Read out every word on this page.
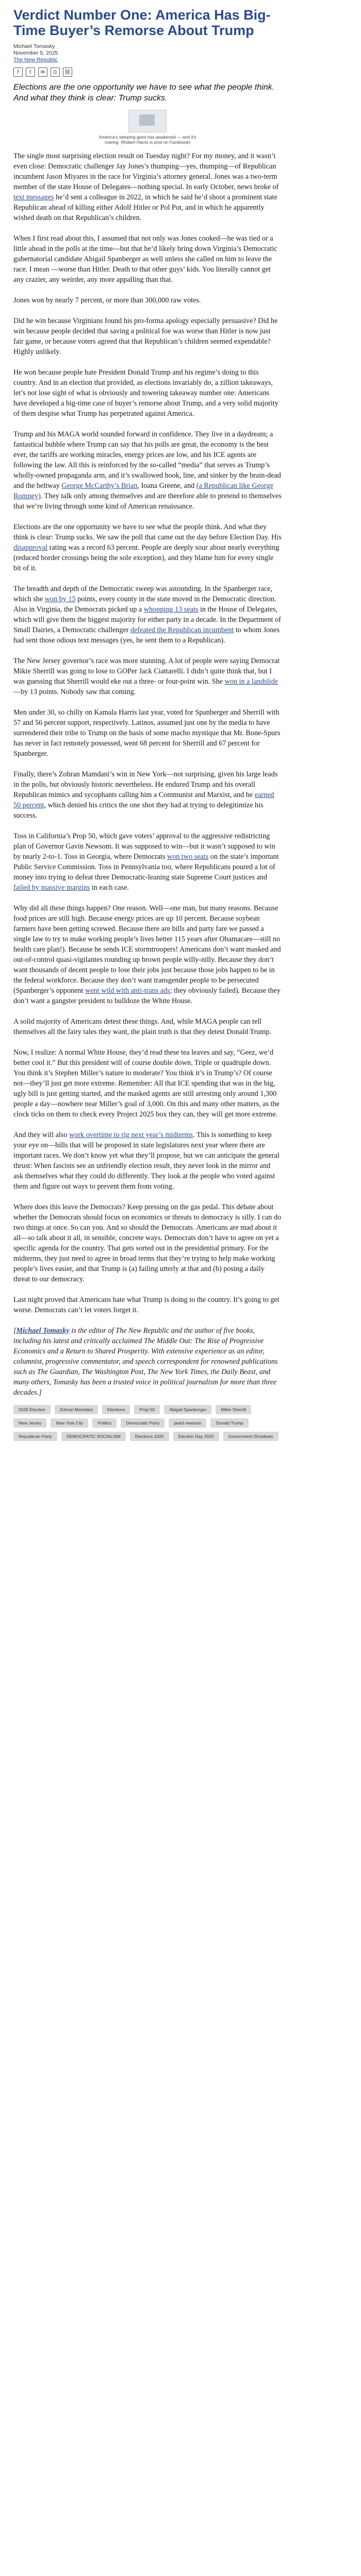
Verdict Number One: America Has Big-Time Buyer’s Remorse About Trump
Michael Tomasky
November 5, 2025
The New Republic
f	t	✉	⎙	⛓

Elections are the one opportunity we have to see what the people think. And what they think is clear: Trump sucks.

America's sleeping giant has awakened — and it's roaring. (Robert Harris is post on Facebook)

The single most surprising election result on Tuesday night? For my money, and it wasn’t even close: Democratic challenger Jay Jones’s thumping—yes, thumping—of Republican incumbent Jason Miyares in the race for Virginia’s attorney general. Jones was a two-term member of the state House of Delegates—nothing special. In early October, news broke of text messages he’d sent a colleague in 2022, in which he said he’d shoot a prominent state Republican ahead of killing either Adolf Hitler or Pol Pot, and in which he apparently wished death on that Republican’s children.

When I first read about this, I assumed that not only was Jones cooked—he was tied or a little ahead in the polls at the time—but that he’d likely bring down Virginia’s Democratic gubernatorial candidate Abigail Spanberger as well unless she called on him to leave the race. I mean —worse than Hitler. Death to that other guys’ kids. You literally cannot get any crazier, any weirder, any more appalling than that.

Jones won by nearly 7 percent, or more than 300,000 raw votes.

Did he win because Virginians found his pro-forma apology especially persuasive? Did he win because people decided that saving a political foe was worse than Hitler is now just fair game, or because voters agreed that that Republican’s children seemed expendable? Highly unlikely.

He won because people hate President Donald Trump and his regime’s doing to this country. And in an election that provided, as elections invariably do, a zillion takeaways, let’s not lose sight of what is obviously and towering takeaway number one: Americans have developed a big-time case of buyer’s remorse about Trump, and a very solid majority of them despise what Trump has perpetrated against America.

Trump and his MAGA world sounded forward in confidence. They live in a daydream; a fantastical bubble where Trump can say that his polls are great, the economy is the best ever, the tariffs are working miracles, energy prices are low, and his ICE agents are following the law. All this is reinforced by the so-called “media” that serves as Trump’s wholly-owned propaganda arm, and it’s swallowed hook, line, and sinker by the brain-dead and the beltway George McCarthy’s Brian, Ioana Greene, and (a Republican like George Romney). They talk only among themselves and are therefore able to pretend to themselves that we’re living through some kind of American renaissance.

Elections are the one opportunity we have to see what the people think. And what they think is clear: Trump sucks. We saw the poll that came out the day before Election Day. His disapproval rating was a record 63 percent. People are deeply sour about nearly everything (reduced border crossings being the sole exception), and they blame him for every single bit of it.

The breadth and depth of the Democratic sweep was astounding. In the Spanberger race, which she won by 15 points, every county in the state moved in the Democratic direction. Also in Virginia, the Democrats picked up a whopping 13 seats in the House of Delegates, which will give them the biggest majority for either party in a decade. In the Department of Small Dairies, a Democratic challenger defeated the Republican incumbent to whom Jones had sent those odious text messages (yes, he sent them to a Republican).

The New Jersey governor’s race was more stunning. A lot of people were saying Democrat Mikie Sherrill was going to lose to GOPer Jack Ciattarelli. I didn’t quite think that, but I was guessing that Sherrill would eke out a three- or four-point win. She won in a landslide—by 13 points. Nobody saw that coming.

Men under 30, so chilly on Kamala Harris last year, voted for Spanberger and Sherrill with 57 and 56 percent support, respectively. Latinos, assumed just one by the media to have surrendered their tribe to Trump on the basis of some macho mystique that Mr. Bone-Spurs has never in fact remotely possessed, went 68 percent for Sherrill and 67 percent for Spanberger.

Finally, there’s Zohran Mamdani’s win in New York—not surprising, given his large leads in the polls, but obviously historic nevertheless. He endured Trump and his overall Republican mimics and sycophants calling him a Communist and Marxist, and he earned 50 percent, which denied his critics the one shot they had at trying to delegitimize his success.

Toss in California’s Prop 50, which gave voters’ approval to the aggressive redistricting plan of Governor Gavin Newsom. It was supposed to win—but it wasn’t supposed to win by nearly 2-to-1. Toss in Georgia, where Democrats won two seats on the state’s important Public Service Commission. Toss in Pennsylvania too, where Republicans poured a lot of money into trying to defeat three Democratic-leaning state Supreme Court justices and failed by massive margins in each case.

Why did all these things happen? One reason. Well—one man, but many reasons. Because food prices are still high. Because energy prices are up 10 percent. Because soybean farmers have been getting screwed. Because there are bills and party fare we passed a single law to try to make working people’s lives better 115 years after Obamacare—still no health care plan!). Because he sends ICE stormtroopers! Americans don’t want masked and out-of-control quasi-vigilantes rounding up brown people willy-nilly. Because they don’t want thousands of decent people to lose their jobs just because those jobs happen to be in the federal workforce. Because they don’t want transgender people to be persecuted (Spanberger’s opponent went wild with anti-trans ads; they obviously failed). Because they don’t want a gangster president to bulldoze the White House.

A solid majority of Americans detest these things. And, while MAGA people can tell themselves all the fairy tales they want, the plain truth is that they detest Donald Trump.

Now, I realize: A normal White House, they’d read these tea leaves and say, “Geez, we’d better cool it.” But this president will of course double down. Triple or quadruple down. You think it’s Stephen Miller’s nature to moderate? You think it’s in Trump’s? Of course not—they’ll just get more extreme. Remember: All that ICE spending that was in the big, ugly bill is just getting started, and the masked agents are still arresting only around 1,300 people a day—nowhere near Miller’s goal of 3,000. On this and many other matters, as the clock ticks on them to check every Project 2025 box they can, they will get more extreme.

And they will also work overtime to rig next year’s midterms. This is something to keep your eye on—bills that will be proposed in state legislatures next year where there are important races. We don’t know yet what they’ll propose, but we can anticipate the general thrust: When fascists see an unfriendly election result, they never look in the mirror and ask themselves what they could do differently. They look at the people who voted against them and figure out ways to prevent them from voting.

Where does this leave the Democrats? Keep pressing on the gas pedal. This debate about whether the Democrats should focus on economics or threats to democracy is silly. I can do two things at once. So can you. And so should the Democrats. Americans are mad about it all—so talk about it all, in sensible, concrete ways. Democrats don’t have to agree on yet a specific agenda for the country. That gets sorted out in the presidential primary. For the midterms, they just need to agree in broad terms that they’re trying to help make working people’s lives easier, and that Trump is (a) failing utterly at that and (b) posing a daily threat to our democracy.

Last night proved that Americans hate what Trump is doing to the country. It’s going to get worse. Democrats can’t let voters forget it.

[Michael Tomasky is the editor of The New Republic and the author of five books, including his latest and critically acclaimed The Middle Out: The Rise of Progressive Economics and a Return to Shared Prosperity. With extensive experience as an editor, columnist, progressive commentator, and speech correspondent for renowned publications such as The Guardian, The Washington Post, The New York Times, the Daily Beast, and many others, Tomasky has been a trusted voice in political journalism for more than three decades.]

2026 Election	Zohran Mamdani	Elections	Prop 50	Abigail Spanberger	Mikie Sherrill
New Jersey	New York City	Politics	Democratic Party	jared newsom	Donald Trump
Republican Party	DEMOCRATIC SOCIALISM	Elections 2025	Election Day 2025	Government Shutdown
